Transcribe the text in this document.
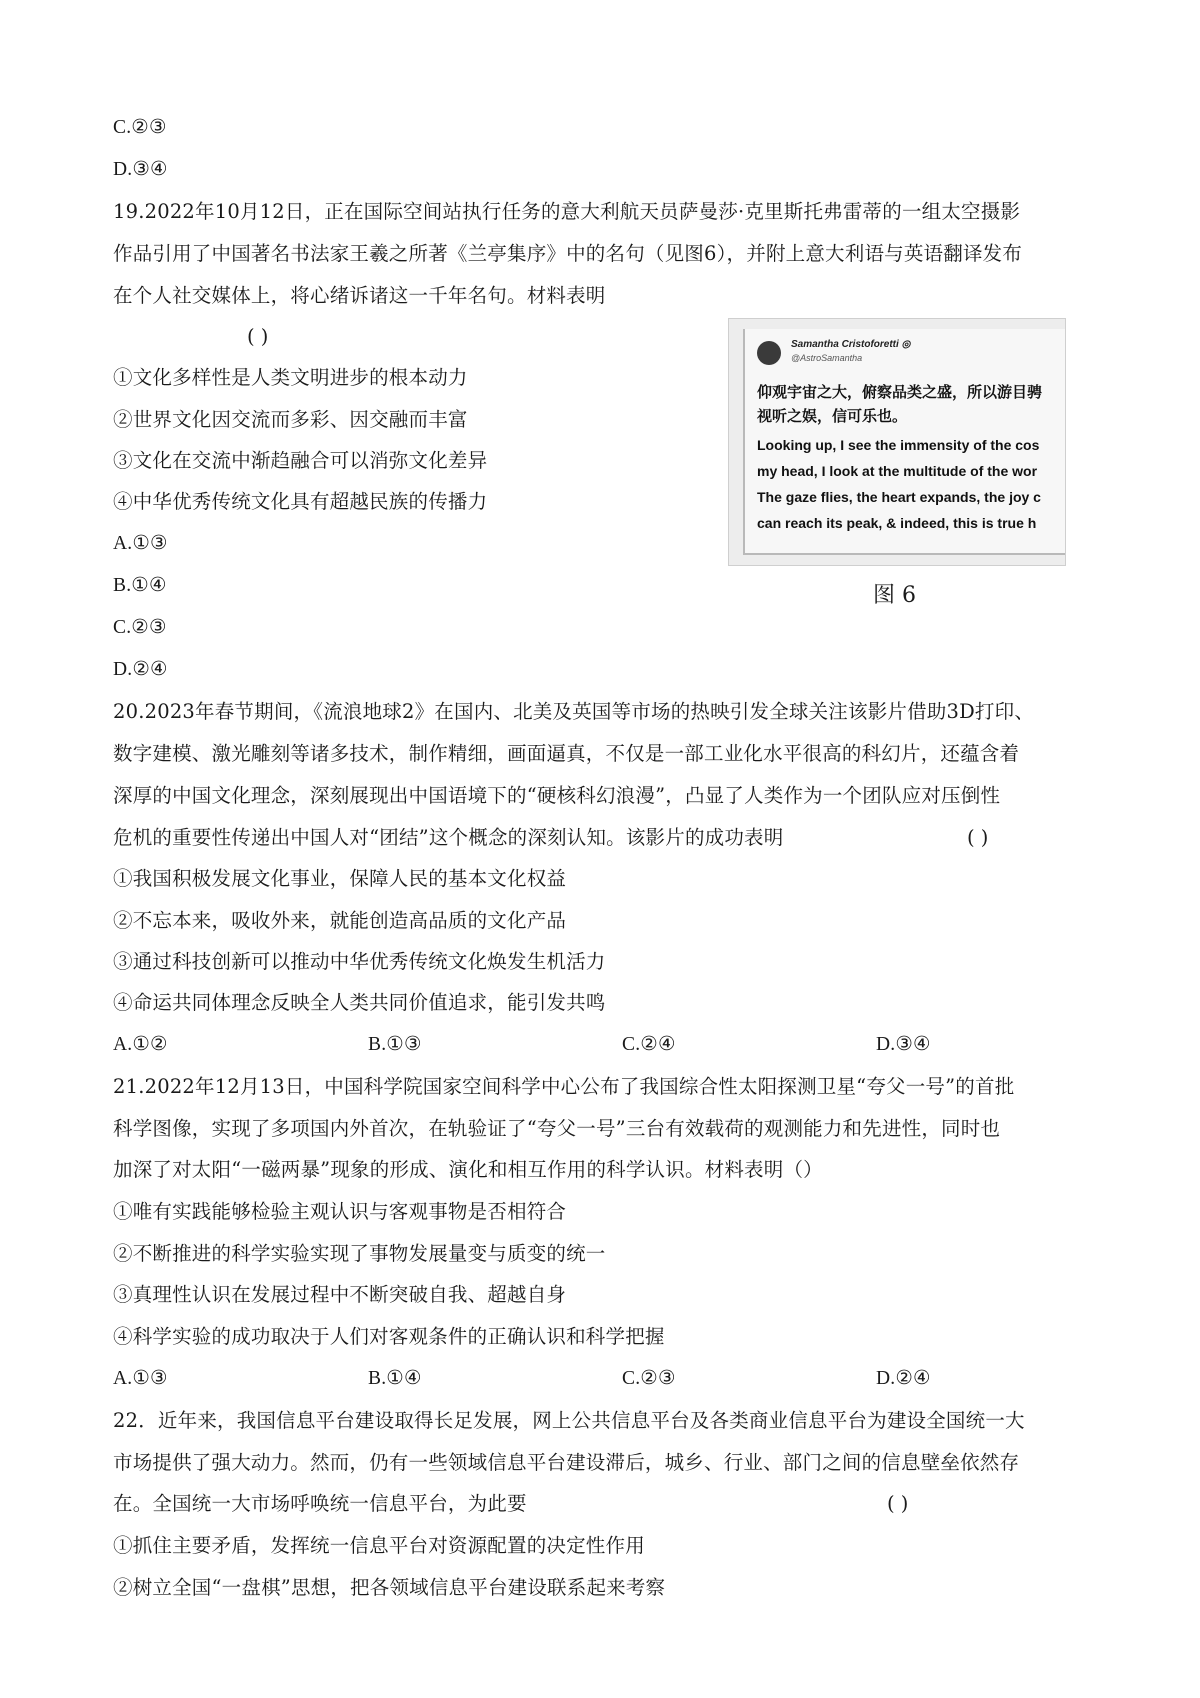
C.②③
D.③④
19.2022年10月12日，正在国际空间站执行任务的意大利航天员萨曼莎·克里斯托弗雷蒂的一组太空摄影
作品引用了中国著名书法家王羲之所著《兰亭集序》中的名句（见图6），并附上意大利语与英语翻译发布
在个人社交媒体上，将心绪诉诸这一千年名句。材料表明
( )
①文化多样性是人类文明进步的根本动力
②世界文化因交流而多彩、因交融而丰富
③文化在交流中渐趋融合可以消弥文化差异
④中华优秀传统文化具有超越民族的传播力
A.①③
B.①④
C.②③
D.②④
Samantha Cristoforetti ◎
@AstroSamantha
仰观宇宙之大，俯察品类之盛，所以游目骋
视听之娱，信可乐也。
Looking up, I see the immensity of the cos
my head, I look at the multitude of the wor
The gaze flies, the heart expands, the joy c
can reach its peak, & indeed, this is true h
图 6
20.2023年春节期间，《流浪地球2》在国内、北美及英国等市场的热映引发全球关注该影片借助3D打印、
数字建模、激光雕刻等诸多技术，制作精细，画面逼真，不仅是一部工业化水平很高的科幻片，还蕴含着
深厚的中国文化理念，深刻展现出中国语境下的“硬核科幻浪漫”，凸显了人类作为一个团队应对压倒性
危机的重要性传递出中国人对“团结”这个概念的深刻认知。该影片的成功表明	( )
①我国积极发展文化事业，保障人民的基本文化权益
②不忘本来，吸收外来，就能创造高品质的文化产品
③通过科技创新可以推动中华优秀传统文化焕发生机活力
④命运共同体理念反映全人类共同价值追求，能引发共鸣
A.①②	B.①③	C.②④	D.③④
21.2022年12月13日，中国科学院国家空间科学中心公布了我国综合性太阳探测卫星“夸父一号”的首批
科学图像，实现了多项国内外首次，在轨验证了“夸父一号”三台有效载荷的观测能力和先进性，同时也
加深了对太阳“一磁两暴”现象的形成、演化和相互作用的科学认识。材料表明（）
①唯有实践能够检验主观认识与客观事物是否相符合
②不断推进的科学实验实现了事物发展量变与质变的统一
③真理性认识在发展过程中不断突破自我、超越自身
④科学实验的成功取决于人们对客观条件的正确认识和科学把握
A.①③	B.①④	C.②③	D.②④
22．近年来，我国信息平台建设取得长足发展，网上公共信息平台及各类商业信息平台为建设全国统一大
市场提供了强大动力。然而，仍有一些领域信息平台建设滞后，城乡、行业、部门之间的信息壁垒依然存
在。全国统一大市场呼唤统一信息平台，为此要	( )
①抓住主要矛盾，发挥统一信息平台对资源配置的决定性作用
②树立全国“一盘棋”思想，把各领域信息平台建设联系起来考察
